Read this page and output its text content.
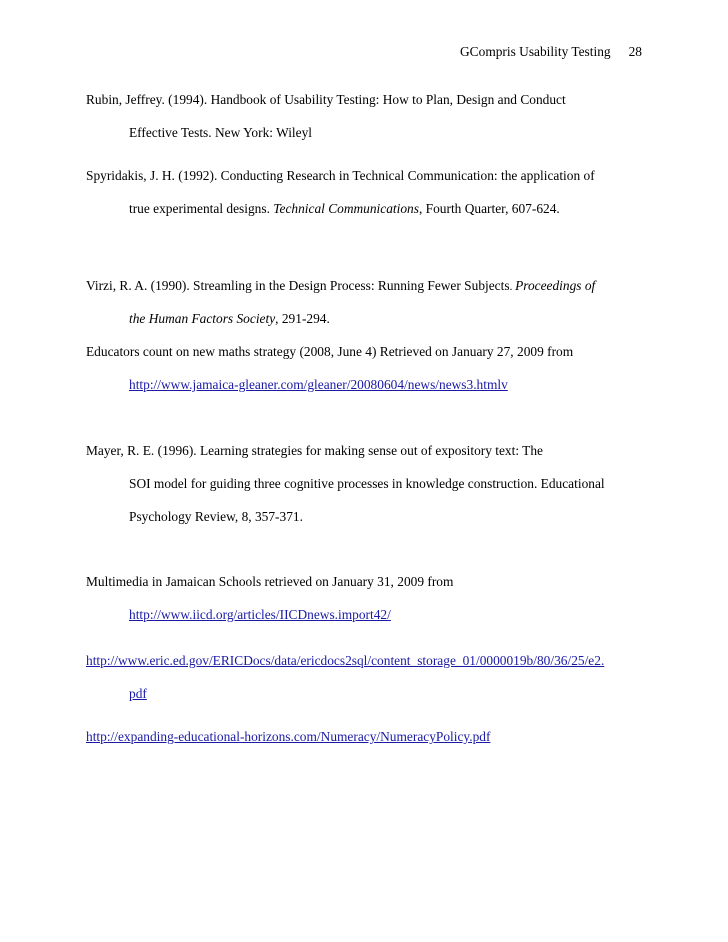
GCompris Usability Testing 28
Rubin, Jeffrey. (1994). Handbook of Usability Testing: How to Plan, Design and Conduct
Effective Tests. New York: Wileyl
Spyridakis, J. H. (1992). Conducting Research in Technical Communication: the application of
true experimental designs. Technical Communications, Fourth Quarter, 607-624.
Virzi, R. A. (1990). Streamling in the Design Process: Running Fewer Subjects. Proceedings of
the Human Factors Society, 291-294.
Educators count on new maths strategy (2008, June 4) Retrieved on January 27, 2009 from
http://www.jamaica-gleaner.com/gleaner/20080604/news/news3.htmlv
Mayer, R. E. (1996). Learning strategies for making sense out of expository text: The
SOI model for guiding three cognitive processes in knowledge construction. Educational
Psychology Review, 8, 357-371.
Multimedia in Jamaican Schools retrieved on January 31, 2009 from
http://www.iicd.org/articles/IICDnews.import42/
http://www.eric.ed.gov/ERICDocs/data/ericdocs2sql/content_storage_01/0000019b/80/36/25/e2.
pdf
http://expanding-educational-horizons.com/Numeracy/NumeracyPolicy.pdf
